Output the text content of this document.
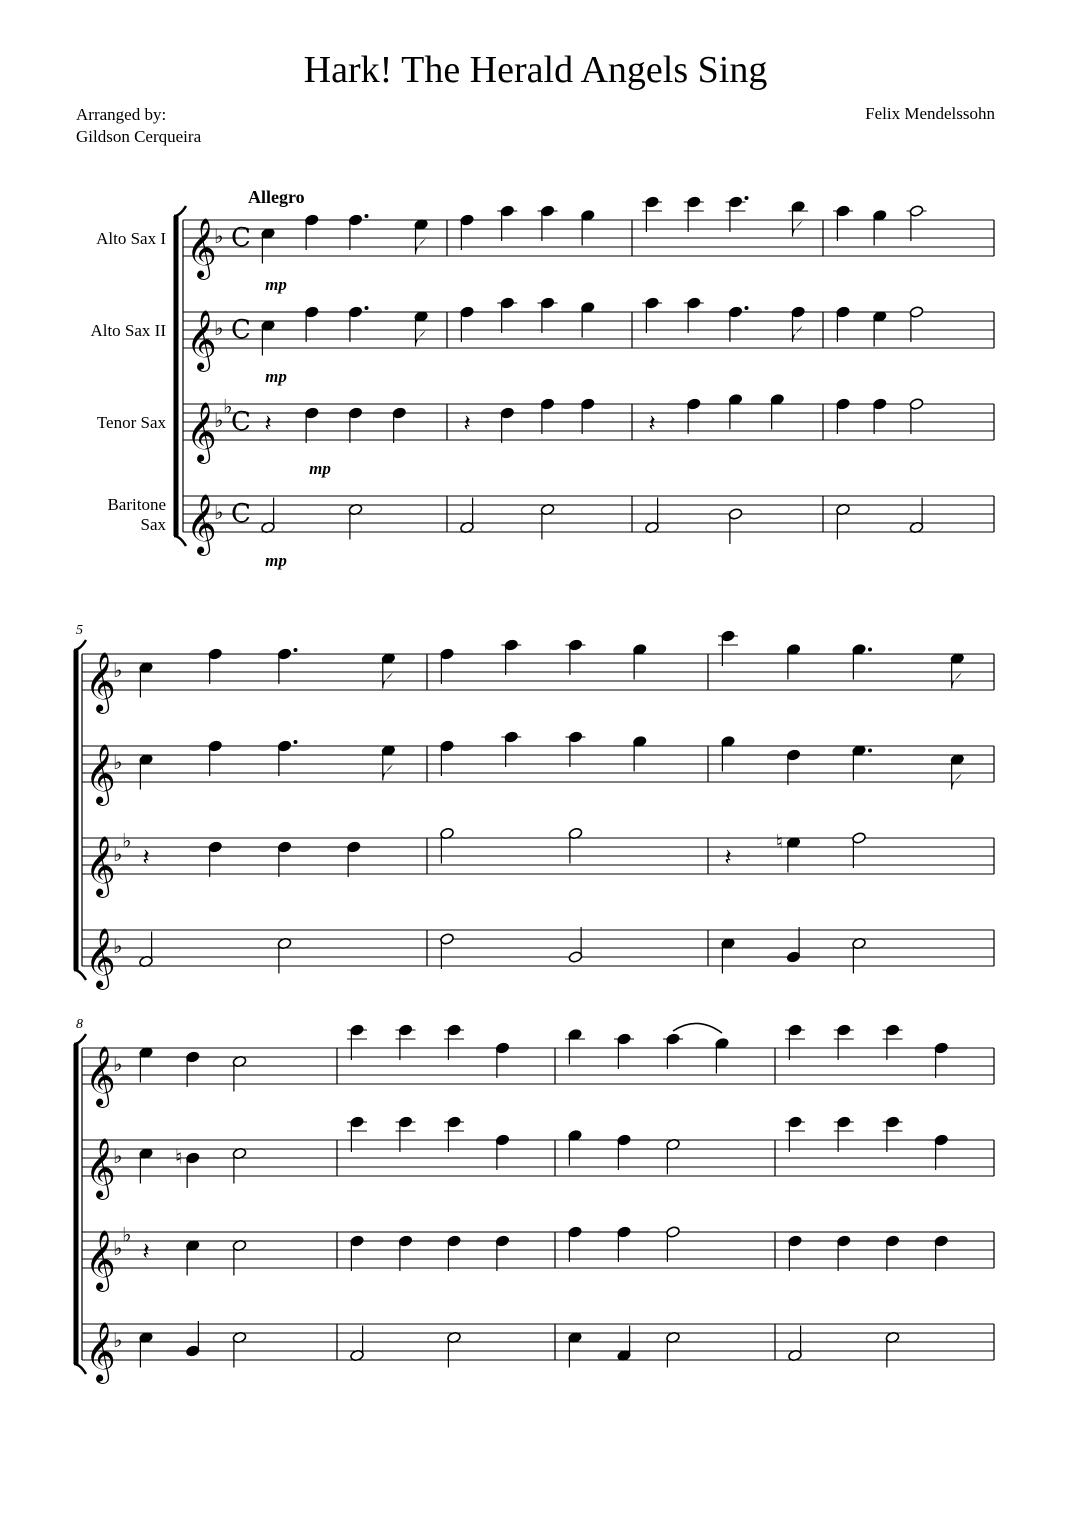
Hark! The Herald Angels Sing
Arranged by:
Gildson Cerqueira
Felix Mendelssohn
Allegro
𝄞
♭ C
Alto Sax I
mp
𝄞
♭ C
Alto Sax II
mp
𝄞
♭
♭
C
Tenor Sax
mp
𝄞
♭ C
Baritone
Sax
mp
𝄽	𝄽	𝄽
5
𝄞
♭
𝄞
♭
𝄞
♭
♭
𝄞
♭
𝄽	𝄽
♮
8
𝄞
♭
𝄞
♭
𝄞
♭
♭
𝄞
♭
♮
𝄽
